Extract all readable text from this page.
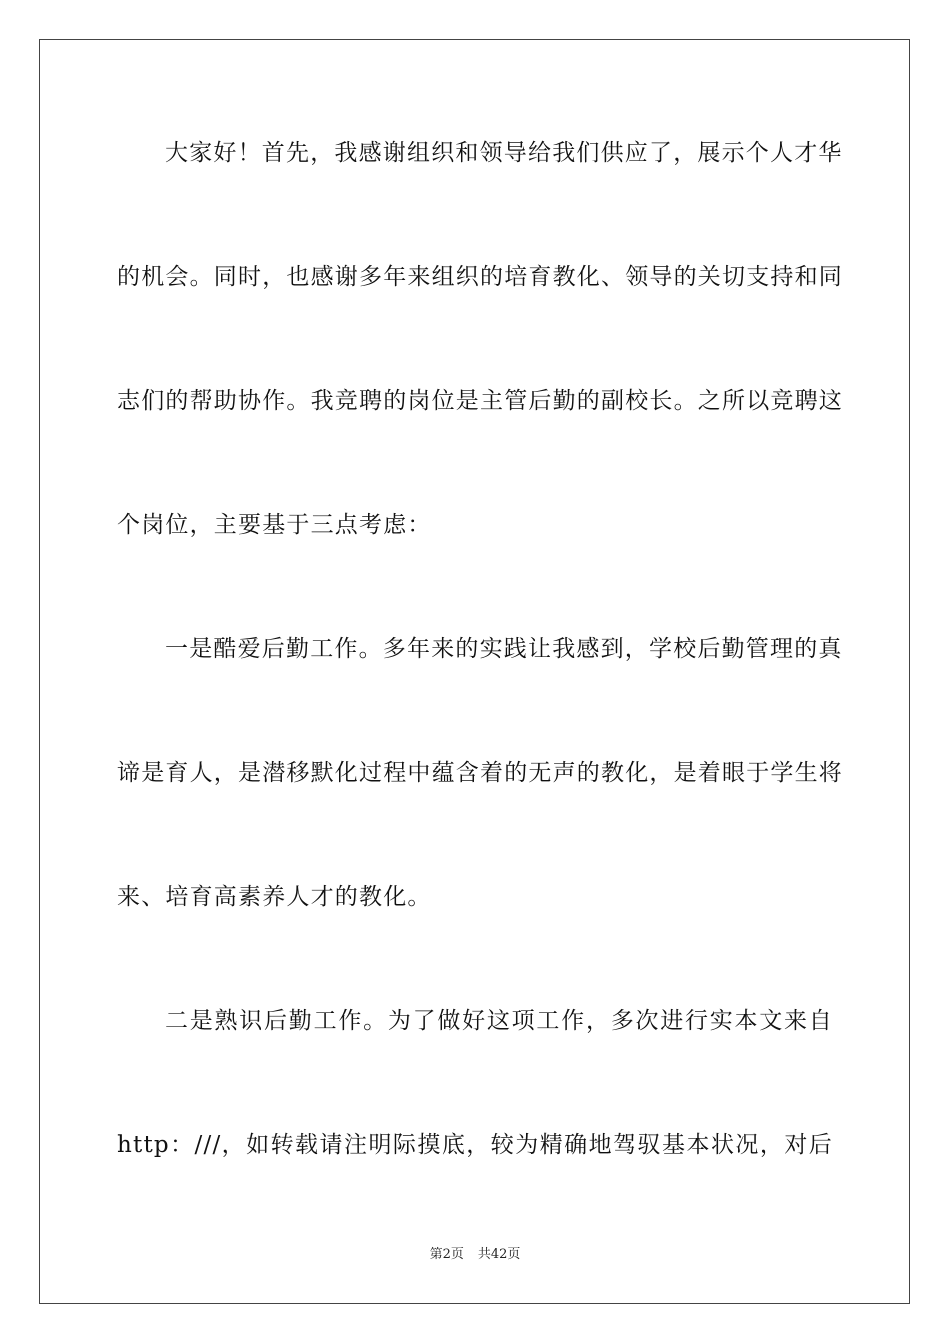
大家好！首先，我感谢组织和领导给我们供应了，展示个人才华
的机会。同时，也感谢多年来组织的培育教化、领导的关切支持和同
志们的帮助协作。我竞聘的岗位是主管后勤的副校长。之所以竞聘这
个岗位，主要基于三点考虑：
一是酷爱后勤工作。多年来的实践让我感到，学校后勤管理的真
谛是育人，是潜移默化过程中蕴含着的无声的教化，是着眼于学生将
来、培育高素养人才的教化。
二是熟识后勤工作。为了做好这项工作，多次进行实本文来自
http：///，如转载请注明际摸底，较为精确地驾驭基本状况，对后
第2页 共42页
